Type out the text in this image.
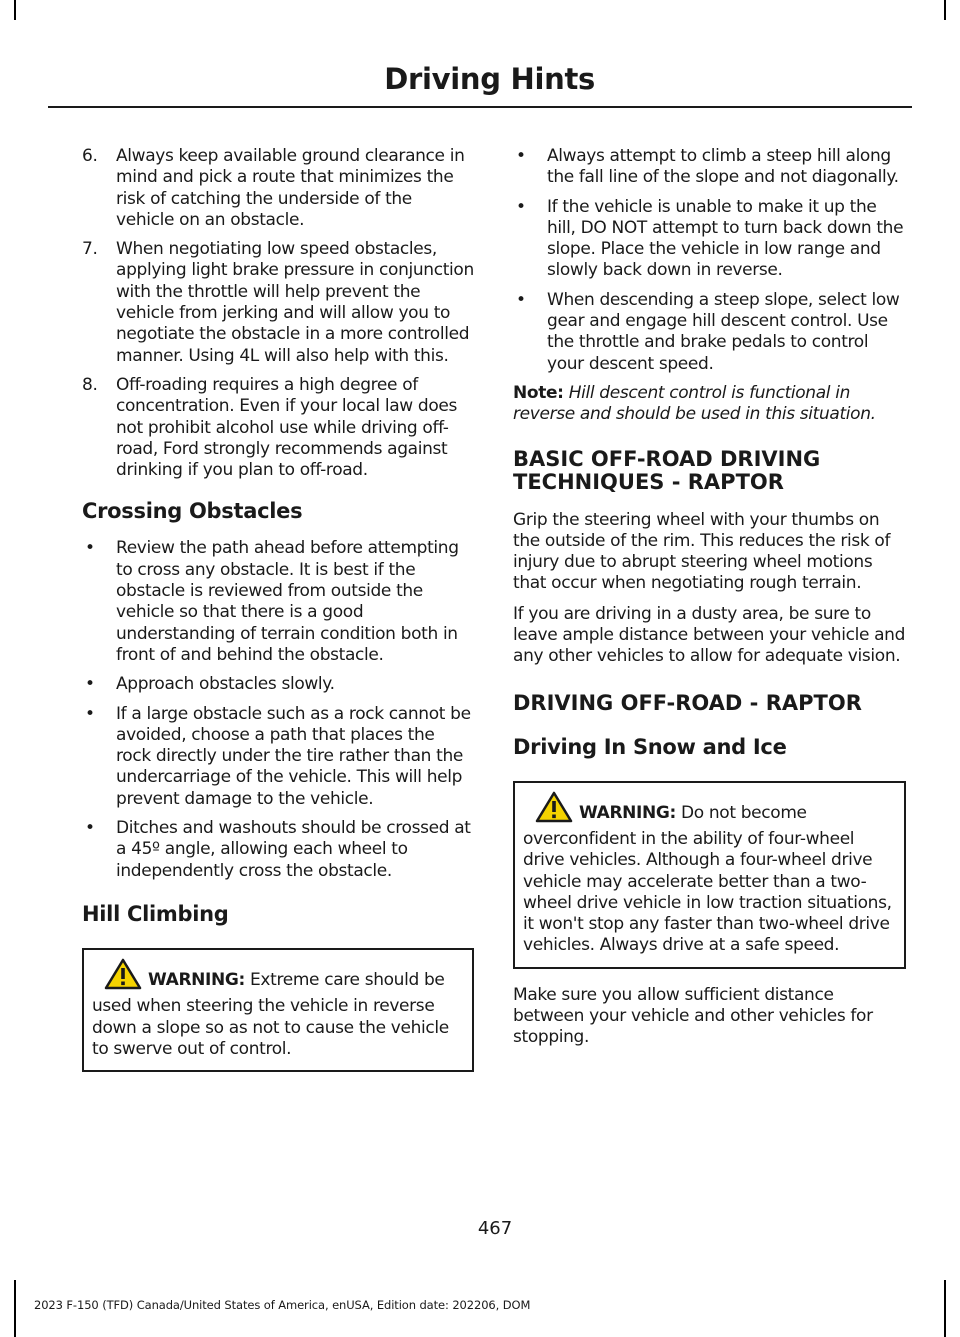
Driving Hints
6. Always keep available ground clearance in mind and pick a route that minimizes the risk of catching the underside of the vehicle on an obstacle.
7. When negotiating low speed obstacles, applying light brake pressure in conjunction with the throttle will help prevent the vehicle from jerking and will allow you to negotiate the obstacle in a more controlled manner. Using 4L will also help with this.
8. Off-roading requires a high degree of concentration. Even if your local law does not prohibit alcohol use while driving off-road, Ford strongly recommends against drinking if you plan to off-road.
Crossing Obstacles
• Review the path ahead before attempting to cross any obstacle. It is best if the obstacle is reviewed from outside the vehicle so that there is a good understanding of terrain condition both in front of and behind the obstacle.
• Approach obstacles slowly.
• If a large obstacle such as a rock cannot be avoided, choose a path that places the rock directly under the tire rather than the undercarriage of the vehicle. This will help prevent damage to the vehicle.
• Ditches and washouts should be crossed at a 45º angle, allowing each wheel to independently cross the obstacle.
Hill Climbing
WARNING: Extreme care should be used when steering the vehicle in reverse down a slope so as not to cause the vehicle to swerve out of control.
• Always attempt to climb a steep hill along the fall line of the slope and not diagonally.
• If the vehicle is unable to make it up the hill, DO NOT attempt to turn back down the slope. Place the vehicle in low range and slowly back down in reverse.
• When descending a steep slope, select low gear and engage hill descent control. Use the throttle and brake pedals to control your descent speed.

Note: Hill descent control is functional in reverse and should be used in this situation.

BASIC OFF-ROAD DRIVING TECHNIQUES - RAPTOR

Grip the steering wheel with your thumbs on the outside of the rim. This reduces the risk of injury due to abrupt steering wheel motions that occur when negotiating rough terrain.

If you are driving in a dusty area, be sure to leave ample distance between your vehicle and any other vehicles to allow for adequate vision.

DRIVING OFF-ROAD - RAPTOR
Driving In Snow and Ice
WARNING: Do not become overconfident in the ability of four-wheel drive vehicles. Although a four-wheel drive vehicle may accelerate better than a two-wheel drive vehicle in low traction situations, it won't stop any faster than two-wheel drive vehicles. Always drive at a safe speed.

Make sure you allow sufficient distance between your vehicle and other vehicles for stopping.

467
2023 F-150 (TFD) Canada/United States of America, enUSA, Edition date: 202206, DOM
